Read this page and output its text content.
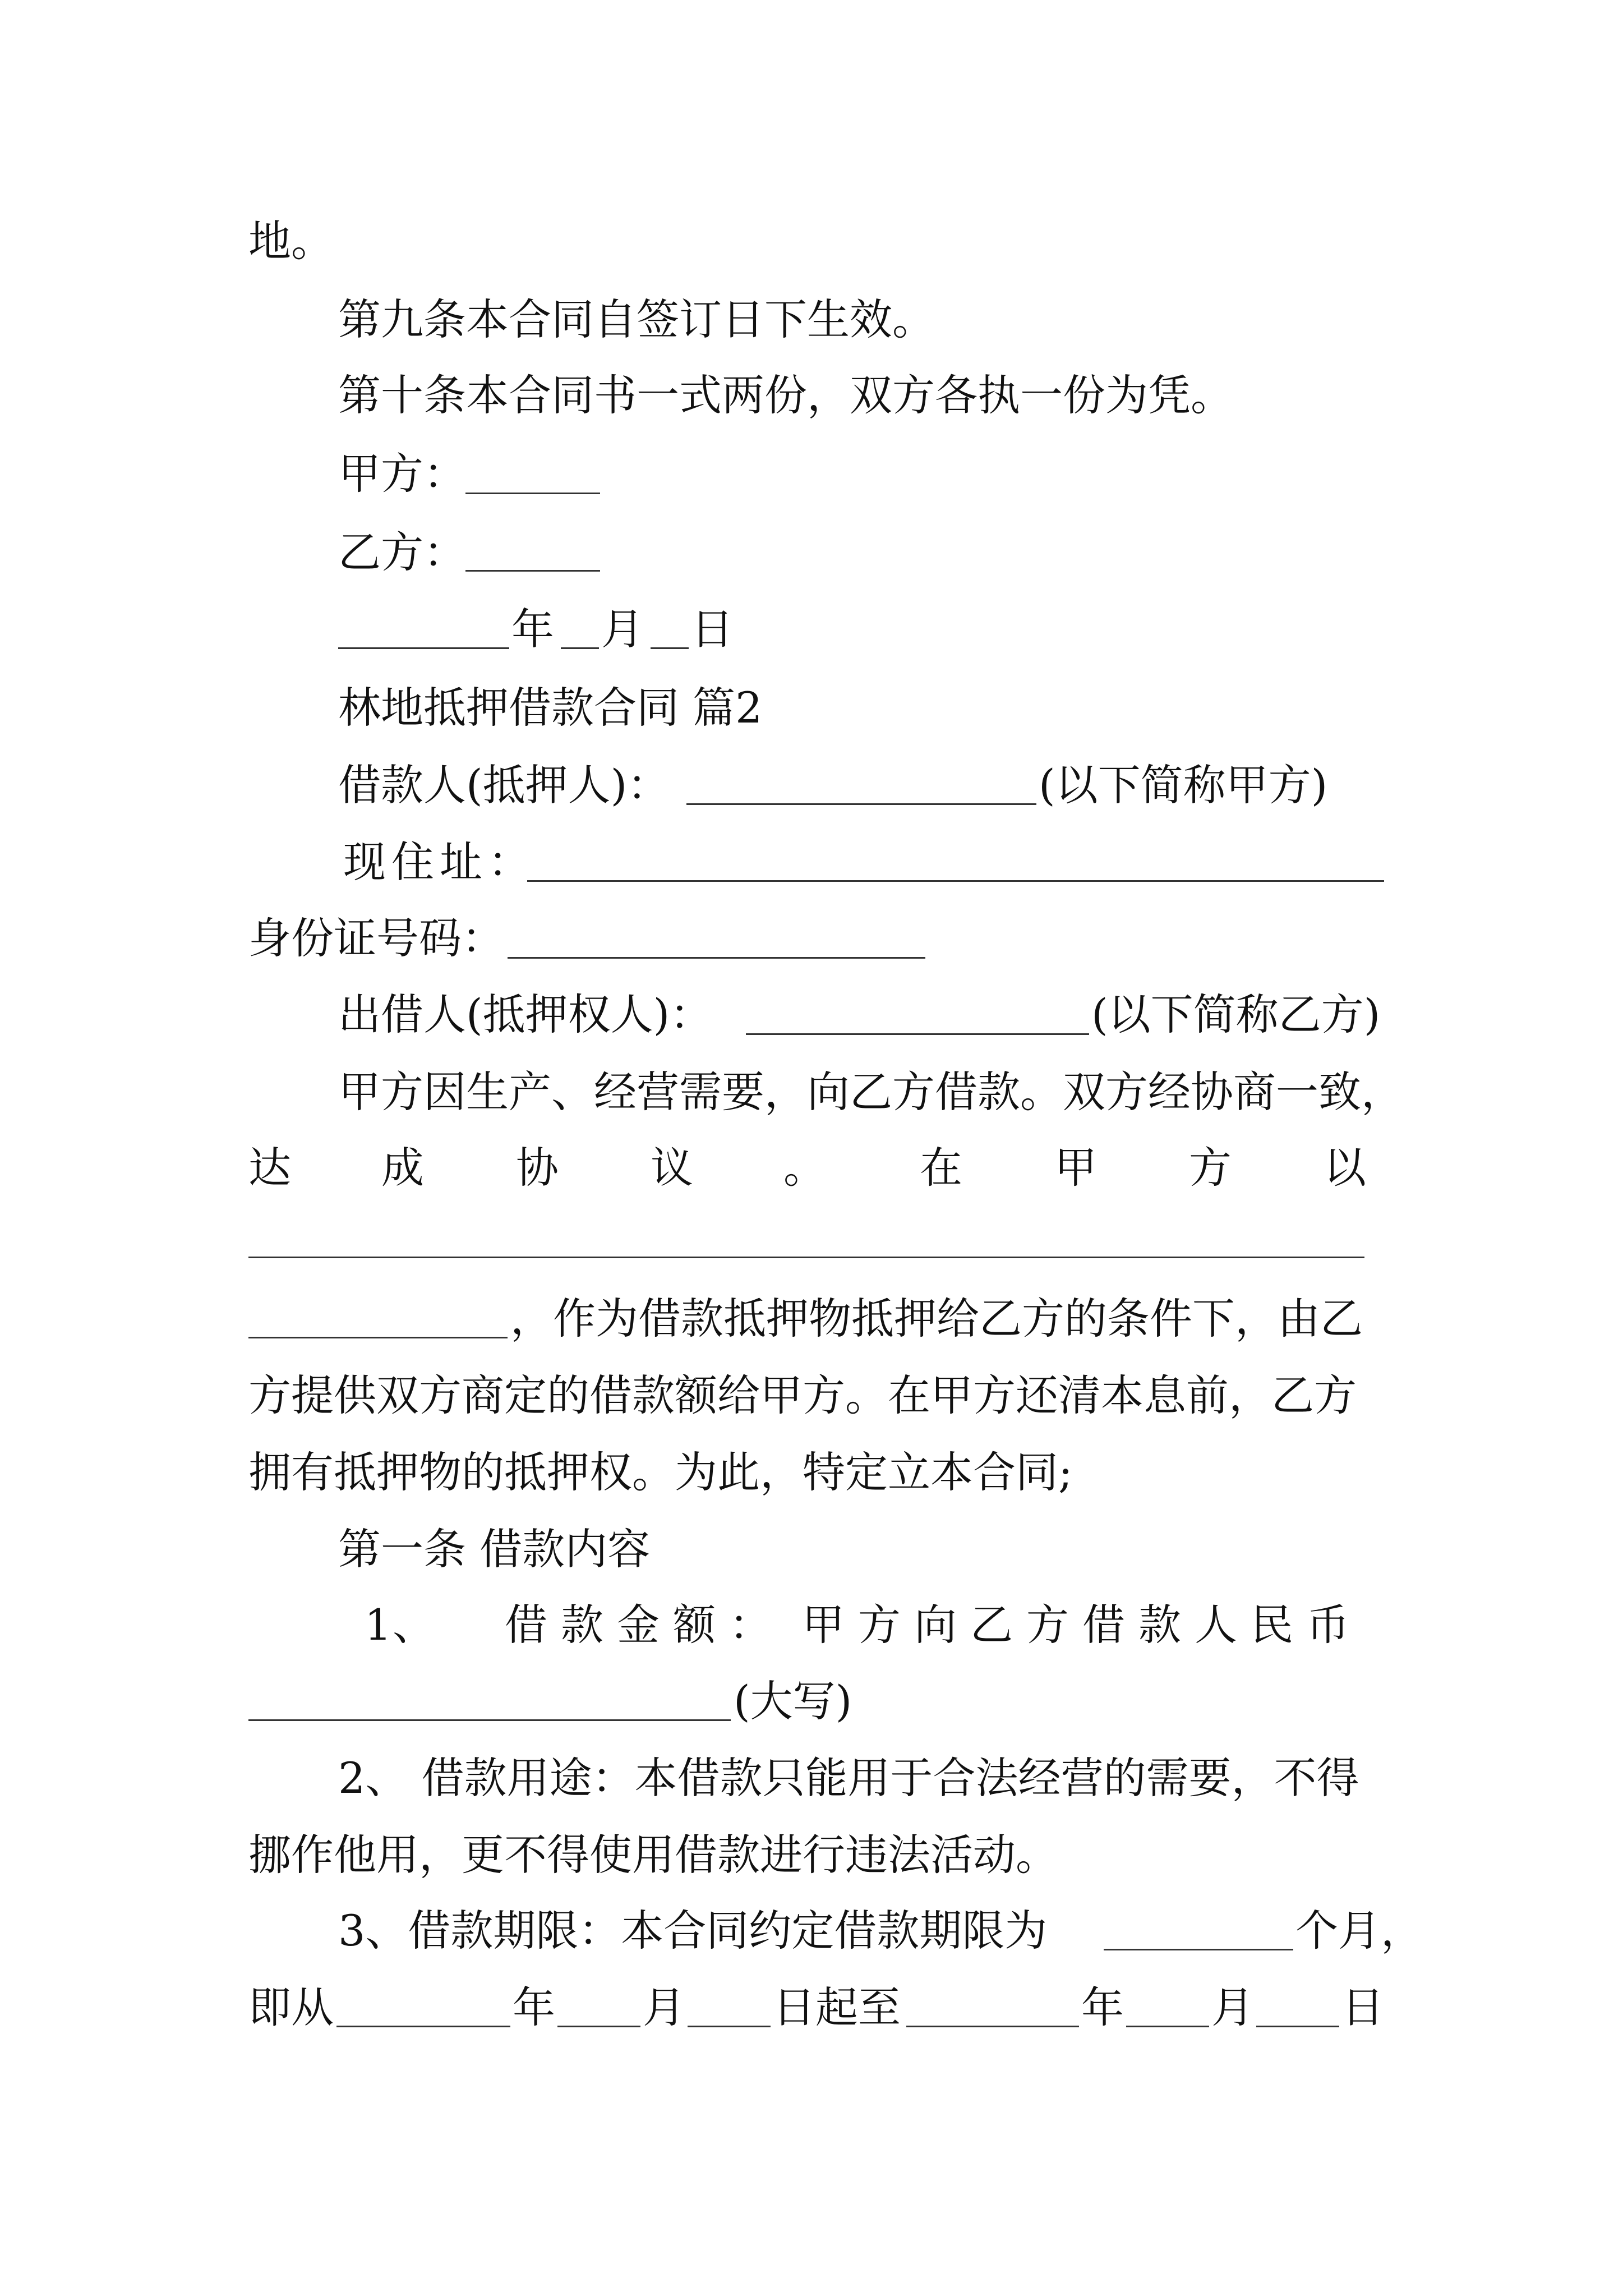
地。
第九条本合同自签订日下生效。
第十条本合同书一式两份，双方各执一份为凭。
甲方：
乙方：
年 月 日
林地抵押借款合同 篇2
借款人(抵押人)：	(以下简称甲方)
现住址：
身份证号码：
出借人(抵押权人)：	(以下简称乙方)
甲方因生产、经营需要，向乙方借款。双方经协商一致，
达 成 协 议 。 在 甲 方 以
，作为借款抵押物抵押给乙方的条件下，由乙
方提供双方商定的借款额给甲方。在甲方还清本息前，乙方
拥有抵押物的抵押权。为此，特定立本合同;
第一条 借款内容
1 、 借 款 金 额 ： 甲 方 向 乙 方 借 款 人 民 币
(大写)
2、 借款用途：本借款只能用于合法经营的需要，不得
挪作他用，更不得使用借款进行违法活动。
3、借款期限：本合同约定借款期限为	个月，
即从	年 月 日起至	年 月 日
